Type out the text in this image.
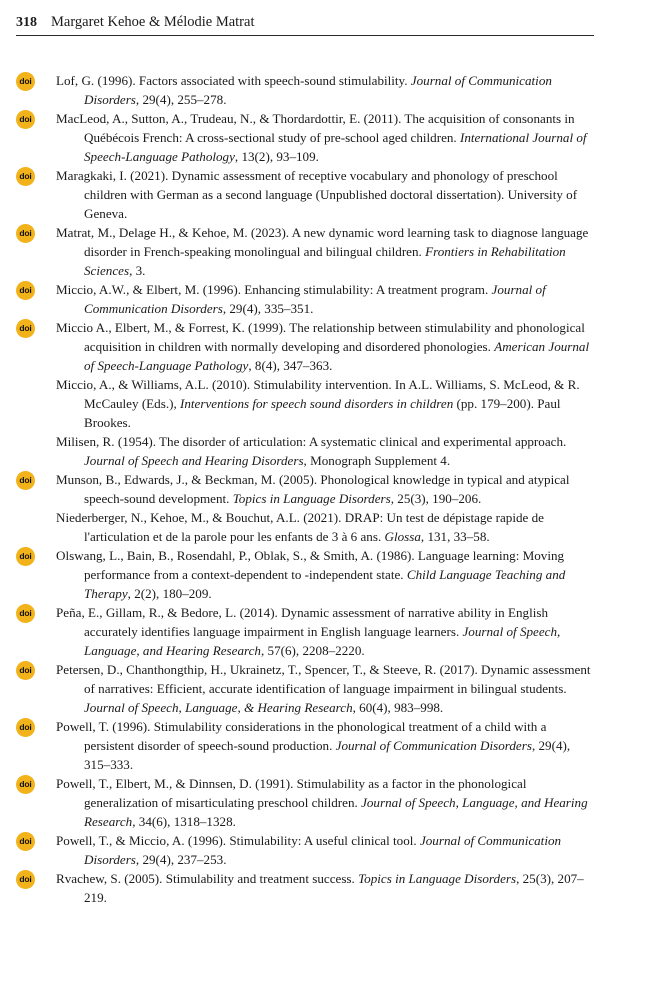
318 Margaret Kehoe & Mélodie Matrat
doi Lof, G. (1996). Factors associated with speech-sound stimulability. Journal of Communication Disorders, 29(4), 255–278.
doi MacLeod, A., Sutton, A., Trudeau, N., & Thordardottir, E. (2011). The acquisition of consonants in Québécois French: A cross-sectional study of pre-school aged children. International Journal of Speech-Language Pathology, 13(2), 93–109.
doi Maragkaki, I. (2021). Dynamic assessment of receptive vocabulary and phonology of preschool children with German as a second language (Unpublished doctoral dissertation). University of Geneva.
doi Matrat, M., Delage H., & Kehoe, M. (2023). A new dynamic word learning task to diagnose language disorder in French-speaking monolingual and bilingual children. Frontiers in Rehabilitation Sciences, 3.
doi Miccio, A.W., & Elbert, M. (1996). Enhancing stimulability: A treatment program. Journal of Communication Disorders, 29(4), 335–351.
doi Miccio A., Elbert, M., & Forrest, K. (1999). The relationship between stimulability and phonological acquisition in children with normally developing and disordered phonologies. American Journal of Speech-Language Pathology, 8(4), 347–363.
Miccio, A., & Williams, A.L. (2010). Stimulability intervention. In A.L. Williams, S. McLeod, & R. McCauley (Eds.), Interventions for speech sound disorders in children (pp. 179–200). Paul Brookes.
Milisen, R. (1954). The disorder of articulation: A systematic clinical and experimental approach. Journal of Speech and Hearing Disorders, Monograph Supplement 4.
doi Munson, B., Edwards, J., & Beckman, M. (2005). Phonological knowledge in typical and atypical speech-sound development. Topics in Language Disorders, 25(3), 190–206.
Niederberger, N., Kehoe, M., & Bouchut, A.L. (2021). DRAP: Un test de dépistage rapide de l'articulation et de la parole pour les enfants de 3 à 6 ans. Glossa, 131, 33–58.
doi Olswang, L., Bain, B., Rosendahl, P., Oblak, S., & Smith, A. (1986). Language learning: Moving performance from a context-dependent to -independent state. Child Language Teaching and Therapy, 2(2), 180–209.
doi Peña, E., Gillam, R., & Bedore, L. (2014). Dynamic assessment of narrative ability in English accurately identifies language impairment in English language learners. Journal of Speech, Language, and Hearing Research, 57(6), 2208–2220.
doi Petersen, D., Chanthongthip, H., Ukrainetz, T., Spencer, T., & Steeve, R. (2017). Dynamic assessment of narratives: Efficient, accurate identification of language impairment in bilingual students. Journal of Speech, Language, & Hearing Research, 60(4), 983–998.
doi Powell, T. (1996). Stimulability considerations in the phonological treatment of a child with a persistent disorder of speech-sound production. Journal of Communication Disorders, 29(4), 315–333.
doi Powell, T., Elbert, M., & Dinnsen, D. (1991). Stimulability as a factor in the phonological generalization of misarticulating preschool children. Journal of Speech, Language, and Hearing Research, 34(6), 1318–1328.
doi Powell, T., & Miccio, A. (1996). Stimulability: A useful clinical tool. Journal of Communication Disorders, 29(4), 237–253.
doi Rvachew, S. (2005). Stimulability and treatment success. Topics in Language Disorders, 25(3), 207–219.
